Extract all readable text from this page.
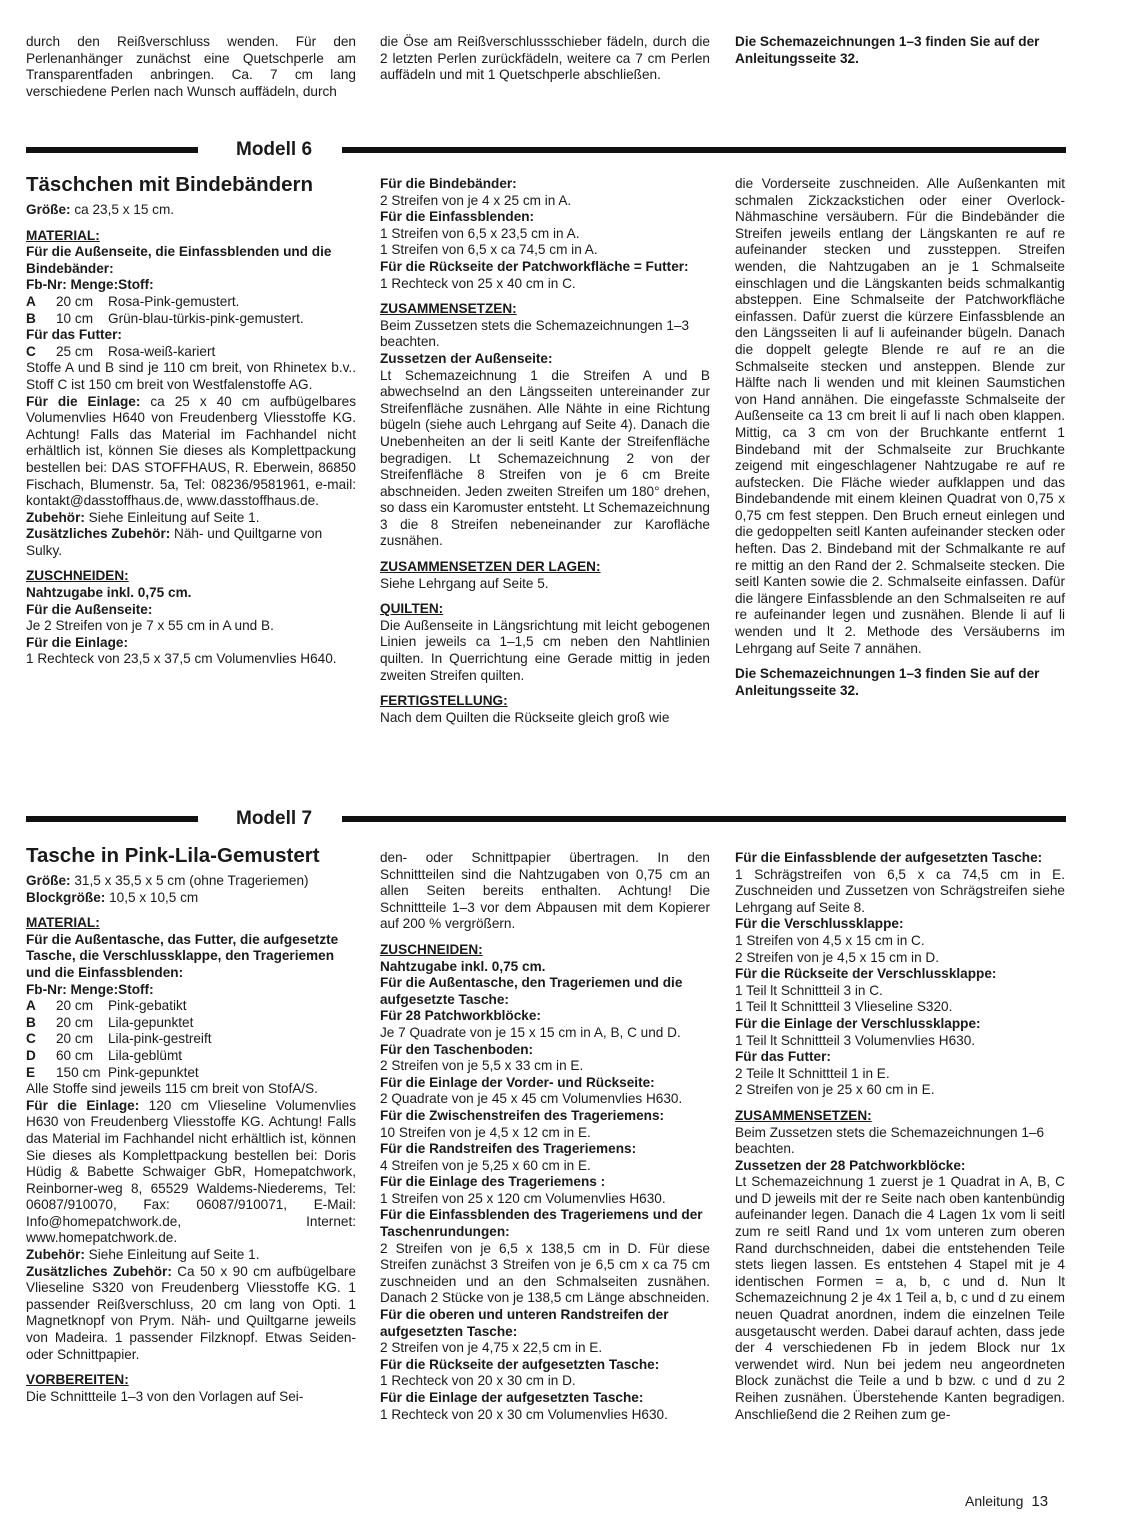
durch den Reißverschluss wenden. Für den Perlenanhänger zunächst eine Quetschperle am Transparentfaden anbringen. Ca. 7 cm lang verschiedene Perlen nach Wunsch auffädeln, durch

die Öse am Reißverschlussschieber fädeln, durch die 2 letzten Perlen zurückfädeln, weitere ca 7 cm Perlen auffädeln und mit 1 Quetschperle abschließen.

Die Schemazeichnungen 1–3 finden Sie auf der Anleitungsseite 32.

Modell 6
Täschchen mit Bindebändern

Größe: ca 23,5 x 15 cm.

MATERIAL:

Für die Außenseite, die Einfassblenden und die Bindebänder:

Fb-Nr: Menge:Stoff:

A	20 cm	Rosa-Pink-gemustert.
B	10 cm	Grün-blau-türkis-pink-gemustert.

Für das Futter:

C	25 cm	Rosa-weiß-kariert

Stoffe A und B sind je 110 cm breit, von Rhinetex b.v.. Stoff C ist 150 cm breit von Westfalenstoffe AG.

Für die Einlage: ca 25 x 40 cm aufbügelbares Volumenvlies H640 von Freudenberg Vliesstoffe KG. Achtung! Falls das Material im Fachhandel nicht erhältlich ist, können Sie dieses als Komplettpackung bestellen bei: DAS STOFFHAUS, R. Eberwein, 86850 Fischach, Blumenstr. 5a, Tel: 08236/9581961, e-mail: kontakt@dasstoffhaus.de, www.dasstoffhaus.de.

Zubehör: Siehe Einleitung auf Seite 1.

Zusätzliches Zubehör: Näh- und Quiltgarne von Sulky.

ZUSCHNEIDEN:

Nahtzugabe inkl. 0,75 cm.

Für die Außenseite:

Je 2 Streifen von je 7 x 55 cm in A und B.

Für die Einlage:

1 Rechteck von 23,5 x 37,5 cm Volumenvlies H640.

Für die Bindebänder:

2 Streifen von je 4 x 25 cm in A.

Für die Einfassblenden:

1 Streifen von 6,5 x 23,5 cm in A.

1 Streifen von 6,5 x ca 74,5 cm in A.

Für die Rückseite der Patchworkfläche = Futter:

1 Rechteck von 25 x 40 cm in C.

ZUSAMMENSETZEN:

Beim Zussetzen stets die Schemazeichnungen 1–3 beachten.

Zussetzen der Außenseite:

Lt Schemazeichnung 1 die Streifen A und B abwechselnd an den Längsseiten untereinander zur Streifenfläche zusnähen. Alle Nähte in eine Richtung bügeln (siehe auch Lehrgang auf Seite 4). Danach die Unebenheiten an der li seitl Kante der Streifenfläche begradigen. Lt Schemazeichnung 2 von der Streifenfläche 8 Streifen von je 6 cm Breite abschneiden. Jeden zweiten Streifen um 180° drehen, so dass ein Karomuster entsteht. Lt Schemazeichnung 3 die 8 Streifen nebeneinander zur Karofläche zusnähen.

ZUSAMMENSETZEN DER LAGEN:

Siehe Lehrgang auf Seite 5.

QUILTEN:

Die Außenseite in Längsrichtung mit leicht gebogenen Linien jeweils ca 1–1,5 cm neben den Nahtlinien quilten. In Querrichtung eine Gerade mittig in jeden zweiten Streifen quilten.

FERTIGSTELLUNG:

Nach dem Quilten die Rückseite gleich groß wie

die Vorderseite zuschneiden. Alle Außenkanten mit schmalen Zickzackstichen oder einer Overlock-Nähmaschine versäubern. Für die Bindebänder die Streifen jeweils entlang der Längskanten re auf re aufeinander stecken und zussteppen. Streifen wenden, die Nahtzugaben an je 1 Schmalseite einschlagen und die Längskanten beids schmalkantig absteppen. Eine Schmalseite der Patchworkfläche einfassen. Dafür zuerst die kürzere Einfassblende an den Längsseiten li auf li aufeinander bügeln. Danach die doppelt gelegte Blende re auf re an die Schmalseite stecken und ansteppen. Blende zur Hälfte nach li wenden und mit kleinen Saumstichen von Hand annähen. Die eingefasste Schmalseite der Außenseite ca 13 cm breit li auf li nach oben klappen. Mittig, ca 3 cm von der Bruchkante entfernt 1 Bindeband mit der Schmalseite zur Bruchkante zeigend mit eingeschlagener Nahtzugabe re auf re aufstecken. Die Fläche wieder aufklappen und das Bindebandende mit einem kleinen Quadrat von 0,75 x 0,75 cm fest steppen. Den Bruch erneut einlegen und die gedoppelten seitl Kanten aufeinander stecken oder heften. Das 2. Bindeband mit der Schmalkante re auf re mittig an den Rand der 2. Schmalseite stecken. Die seitl Kanten sowie die 2. Schmalseite einfassen. Dafür die längere Einfassblende an den Schmalseiten re auf re aufeinander legen und zusnähen. Blende li auf li wenden und lt 2. Methode des Versäuberns im Lehrgang auf Seite 7 annähen.

Die Schemazeichnungen 1–3 finden Sie auf der Anleitungsseite 32.

Modell 7
Tasche in Pink-Lila-Gemustert

Größe: 31,5 x 35,5 x 5 cm (ohne Trageriemen)

Blockgröße: 10,5 x 10,5 cm

MATERIAL:

Für die Außentasche, das Futter, die aufgesetzte Tasche, die Verschlussklappe, den Trageriemen und die Einfassblenden:

Fb-Nr: Menge:Stoff:

A	20 cm	Pink-gebatikt
B	20 cm	Lila-gepunktet
C	20 cm	Lila-pink-gestreift
D	60 cm	Lila-geblümt
E	150 cm Pink-gepunktet

Alle Stoffe sind jeweils 115 cm breit von StofA/S.

Für die Einlage: 120 cm Vlieseline Volumenvlies H630 von Freudenberg Vliesstoffe KG. Achtung! Falls das Material im Fachhandel nicht erhältlich ist, können Sie dieses als Komplettpackung bestellen bei: Doris Hüdig & Babette Schwaiger GbR, Homepatchwork, Reinborner-weg 8, 65529 Waldems-Niederems, Tel: 06087/910070, Fax: 06087/910071, E-Mail: Info@homepatchwork.de, Internet: www.homepatchwork.de.

Zubehör: Siehe Einleitung auf Seite 1.

Zusätzliches Zubehör: Ca 50 x 90 cm aufbügelbare Vlieseline S320 von Freudenberg Vliesstoffe KG. 1 passender Reißverschluss, 20 cm lang von Opti. 1 Magnetknopf von Prym. Näh- und Quiltgarne jeweils von Madeira. 1 passender Filzknopf. Etwas Seiden- oder Schnittpapier.

VORBEREITEN:

Die Schnittteile 1–3 von den Vorlagen auf Sei-

den- oder Schnittpapier übertragen. In den Schnittteilen sind die Nahtzugaben von 0,75 cm an allen Seiten bereits enthalten. Achtung! Die Schnittteile 1–3 vor dem Abpausen mit dem Kopierer auf 200 % vergrößern.

ZUSCHNEIDEN:

Nahtzugabe inkl. 0,75 cm.

Für die Außentasche, den Trageriemen und die aufgesetzte Tasche:

Für 28 Patchworkblöcke:

Je 7 Quadrate von je 15 x 15 cm in A, B, C und D.

Für den Taschenboden:

2 Streifen von je 5,5 x 33 cm in E.

Für die Einlage der Vorder- und Rückseite:

2 Quadrate von je 45 x 45 cm Volumenvlies H630.

Für die Zwischenstreifen des Trageriemens:

10 Streifen von je 4,5 x 12 cm in E.

Für die Randstreifen des Trageriemens:

4 Streifen von je 5,25 x 60 cm in E.

Für die Einlage des Trageriemens :

1 Streifen von 25 x 120 cm Volumenvlies H630.

Für die Einfassblenden des Trageriemens und der Taschenrundungen:

2 Streifen von je 6,5 x 138,5 cm in D. Für diese Streifen zunächst 3 Streifen von je 6,5 cm x ca 75 cm zuschneiden und an den Schmalseiten zusnähen. Danach 2 Stücke von je 138,5 cm Länge abschneiden.

Für die oberen und unteren Randstreifen der aufgesetzten Tasche:

2 Streifen von je 4,75 x 22,5 cm in E.

Für die Rückseite der aufgesetzten Tasche:

1 Rechteck von 20 x 30 cm in D.

Für die Einlage der aufgesetzten Tasche:

1 Rechteck von 20 x 30 cm Volumenvlies H630.

Für die Einfassblende der aufgesetzten Tasche:

1 Schrägstreifen von 6,5 x ca 74,5 cm in E. Zuschneiden und Zussetzen von Schrägstreifen siehe Lehrgang auf Seite 8.

Für die Verschlussklappe:

1 Streifen von 4,5 x 15 cm in C.

2 Streifen von je 4,5 x 15 cm in D.

Für die Rückseite der Verschlussklappe:

1 Teil lt Schnittteil 3 in C.

1 Teil lt Schnittteil 3 Vlieseline S320.

Für die Einlage der Verschlussklappe:

1 Teil lt Schnittteil 3 Volumenvlies H630.

Für das Futter:

2 Teile lt Schnittteil 1 in E.

2 Streifen von je 25 x 60 cm in E.

ZUSAMMENSETZEN:

Beim Zussetzen stets die Schemazeichnungen 1–6 beachten.

Zussetzen der 28 Patchworkblöcke:

Lt Schemazeichnung 1 zuerst je 1 Quadrat in A, B, C und D jeweils mit der re Seite nach oben kantenbündig aufeinander legen. Danach die 4 Lagen 1x vom li seitl zum re seitl Rand und 1x vom unteren zum oberen Rand durchschneiden, dabei die entstehenden Teile stets liegen lassen. Es entstehen 4 Stapel mit je 4 identischen Formen = a, b, c und d. Nun lt Schemazeichnung 2 je 4x 1 Teil a, b, c und d zu einem neuen Quadrat anordnen, indem die einzelnen Teile ausgetauscht werden. Dabei darauf achten, dass jede der 4 verschiedenen Fb in jedem Block nur 1x verwendet wird. Nun bei jedem neu angeordneten Block zunächst die Teile a und b bzw. c und d zu 2 Reihen zusnähen. Überstehende Kanten begradigen. Anschließend die 2 Reihen zum ge-

Anleitung 13
